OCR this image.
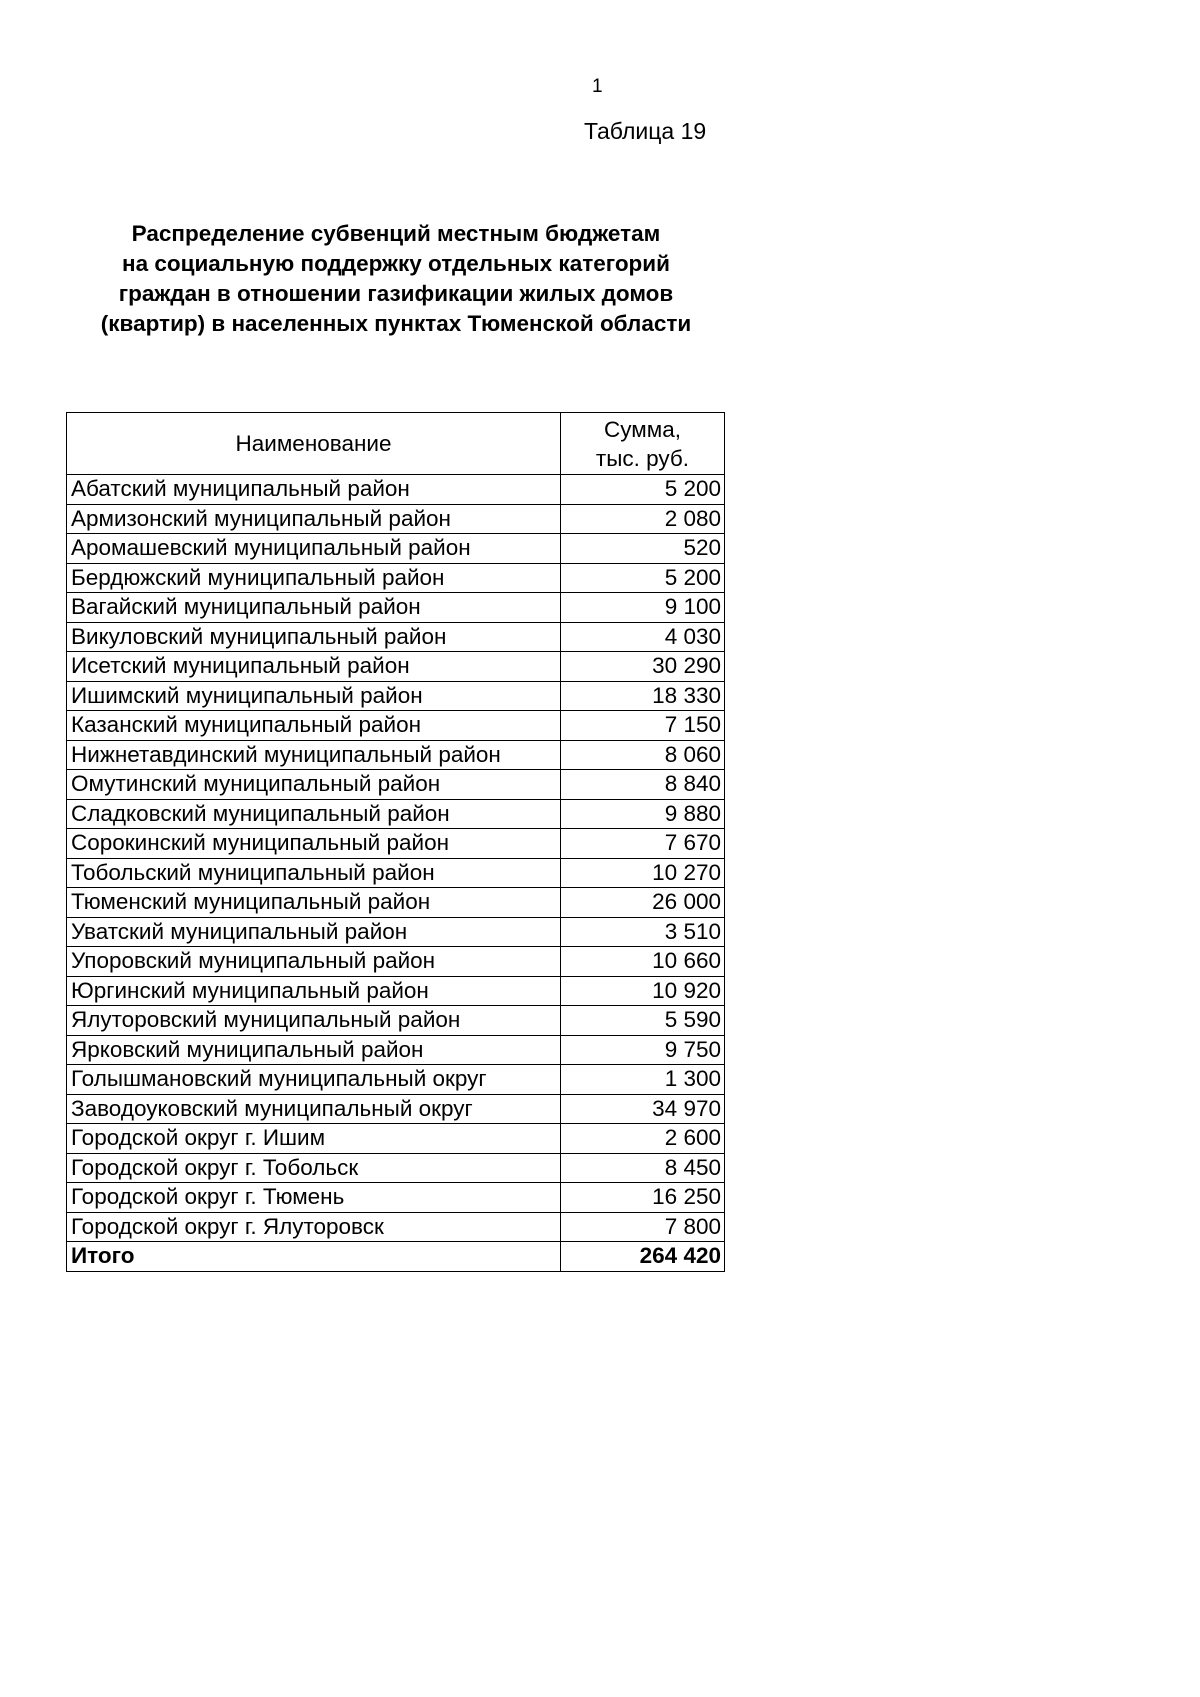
1
Таблица 19
Распределение субвенций местным бюджетам
на социальную поддержку отдельных категорий
граждан в отношении газификации жилых домов
(квартир) в населенных пунктах Тюменской области
Наименование	Сумма,
тыс. руб.

Абатский муниципальный район	5 200
Армизонский муниципальный район	2 080
Аромашевский муниципальный район	520
Бердюжский муниципальный район	5 200
Вагайский муниципальный район	9 100
Викуловский муниципальный район	4 030
Исетский муниципальный район	30 290
Ишимский муниципальный район	18 330
Казанский муниципальный район	7 150
Нижнетавдинский муниципальный район	8 060
Омутинский муниципальный район	8 840
Сладковский муниципальный район	9 880
Сорокинский муниципальный район	7 670
Тобольский муниципальный район	10 270
Тюменский муниципальный район	26 000
Уватский муниципальный район	3 510
Упоровский муниципальный район	10 660
Юргинский муниципальный район	10 920
Ялуторовский муниципальный район	5 590
Ярковский муниципальный район	9 750
Голышмановский муниципальный округ	1 300
Заводоуковский муниципальный округ	34 970
Городской округ г. Ишим	2 600
Городской округ г. Тобольск	8 450
Городской округ г. Тюмень	16 250
Городской округ г. Ялуторовск	7 800
Итого	264 420
